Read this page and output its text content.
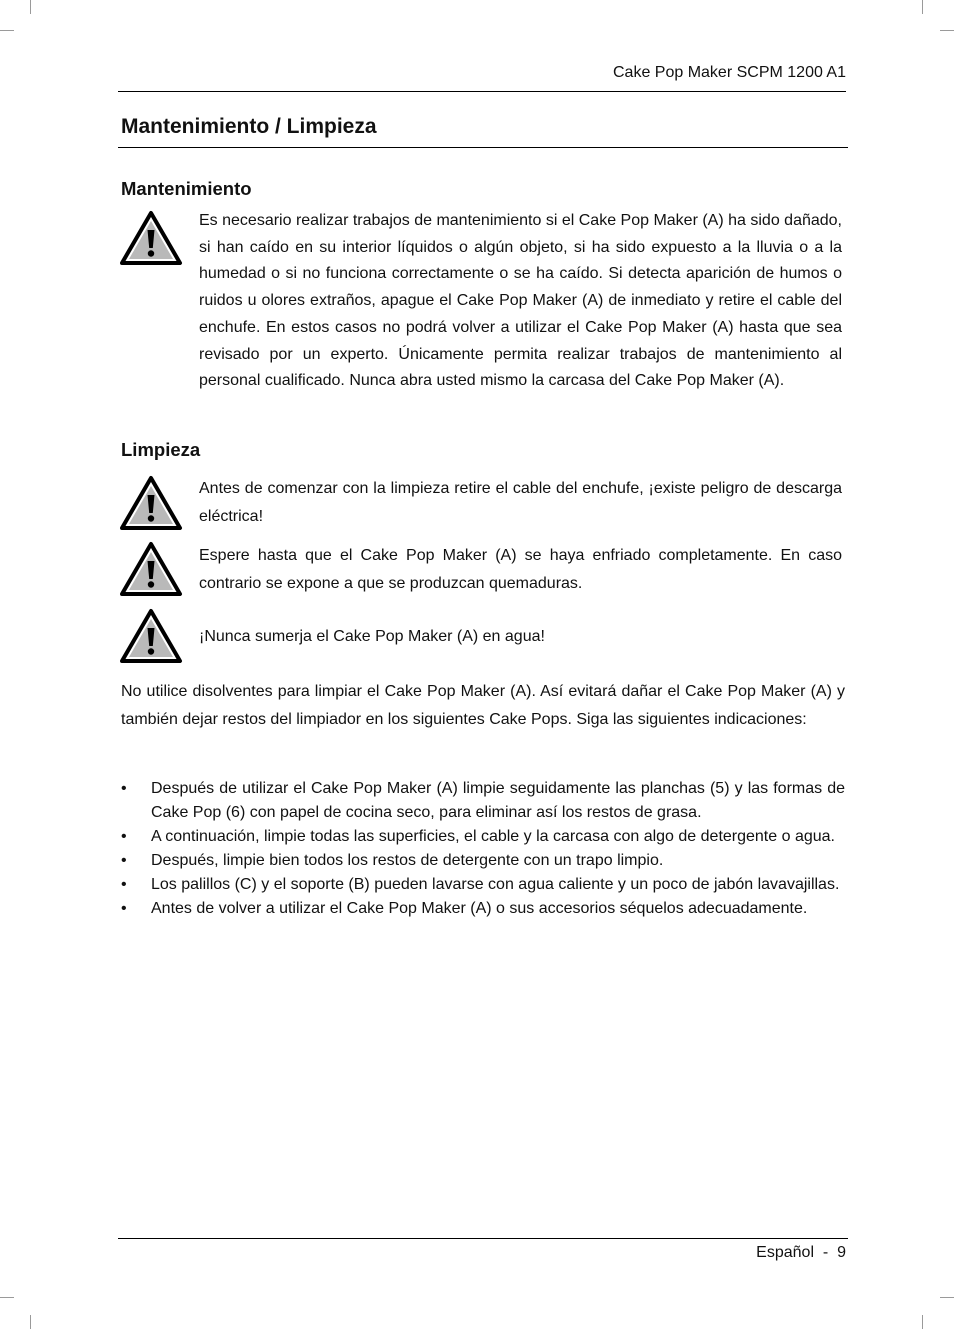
Cake Pop Maker SCPM 1200 A1
Mantenimiento / Limpieza
Mantenimiento

Es necesario realizar trabajos de mantenimiento si el Cake Pop Maker (A) ha sido dañado, si han caído en su interior líquidos o algún objeto, si ha sido expuesto a la lluvia o a la humedad o si no funciona correctamente o se ha caído. Si detecta aparición de humos o ruidos u olores extraños, apague el Cake Pop Maker (A) de inmediato y retire el cable del enchufe. En estos casos no podrá volver a utilizar el Cake Pop Maker (A) hasta que sea revisado por un experto. Únicamente permita realizar trabajos de mantenimiento al personal cualificado. Nunca abra usted mismo la carcasa del Cake Pop Maker (A).

Limpieza

Antes de comenzar con la limpieza retire el cable del enchufe, ¡existe peligro de descarga eléctrica!

Espere hasta que el Cake Pop Maker (A) se haya enfriado completamente. En caso contrario se expone a que se produzcan quemaduras.

¡Nunca sumerja el Cake Pop Maker (A) en agua!

No utilice disolventes para limpiar el Cake Pop Maker (A). Así evitará dañar el Cake Pop Maker (A) y también dejar restos del limpiador en los siguientes Cake Pops. Siga las siguientes indicaciones:

•	Después de utilizar el Cake Pop Maker (A) limpie seguidamente las planchas (5) y las formas de Cake Pop (6) con papel de cocina seco, para eliminar así los restos de grasa.
•	A continuación, limpie todas las superficies, el cable y la carcasa con algo de detergente o agua.
•	Después, limpie bien todos los restos de detergente con un trapo limpio.
•	Los palillos (C) y el soporte (B) pueden lavarse con agua caliente y un poco de jabón lavavajillas.
•	Antes de volver a utilizar el Cake Pop Maker (A) o sus accesorios séquelos adecuadamente.
Español  -  9
